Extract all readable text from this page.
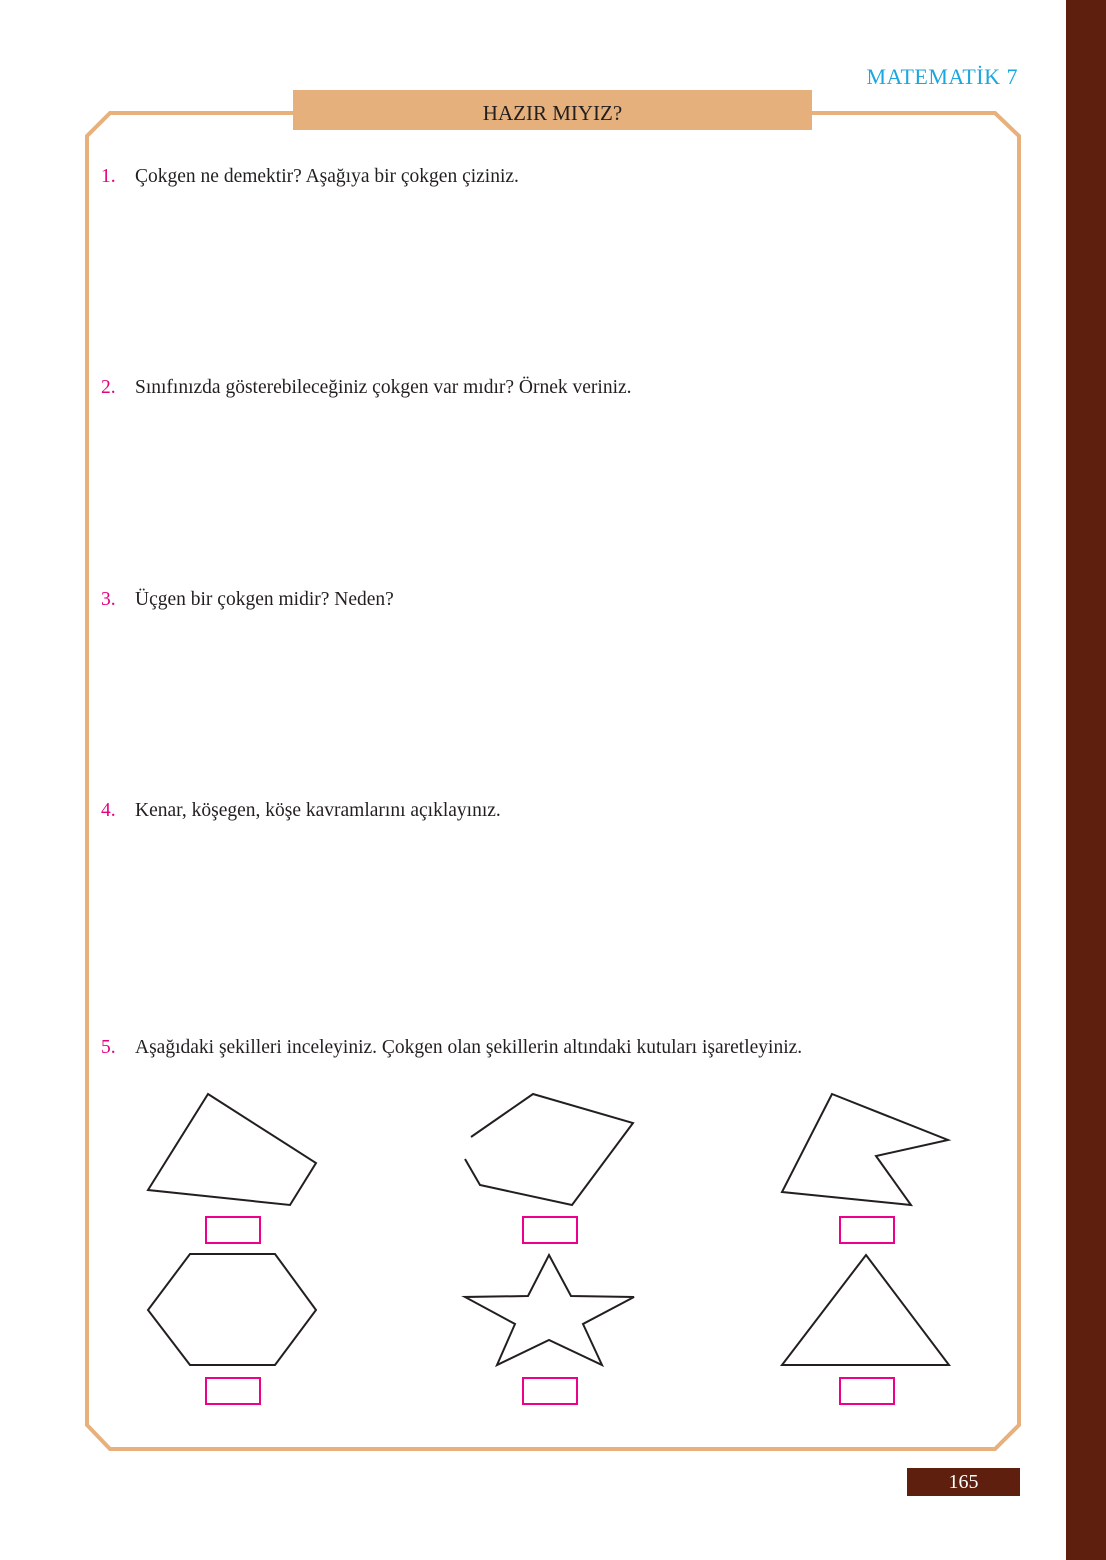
MATEMATİK 7
HAZIR MIYIZ?
1. Çokgen ne demektir? Aşağıya bir çokgen çiziniz.
2. Sınıfınızda gösterebileceğiniz çokgen var mıdır? Örnek veriniz.
3. Üçgen bir çokgen midir? Neden?
4. Kenar, köşegen, köşe kavramlarını açıklayınız.
5. Aşağıdaki şekilleri inceleyiniz. Çokgen olan şekillerin altındaki kutuları işaretleyiniz.
165
